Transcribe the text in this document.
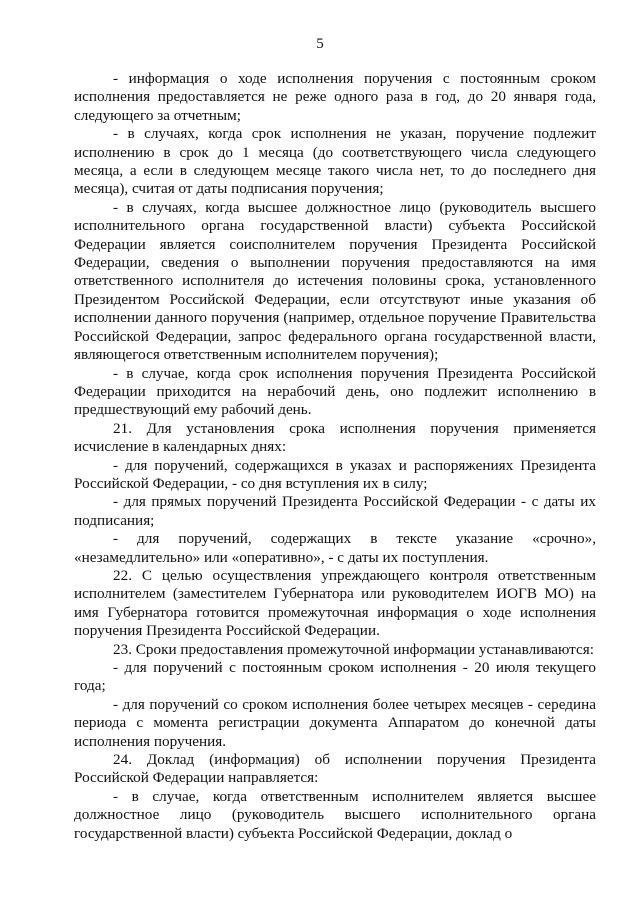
5

- информация о ходе исполнения поручения с постоянным сроком исполнения предоставляется не реже одного раза в год, до 20 января года, следующего за отчетным;

- в случаях, когда срок исполнения не указан, поручение подлежит исполнению в срок до 1 месяца (до соответствующего числа следующего месяца, а если в следующем месяце такого числа нет, то до последнего дня месяца), считая от даты подписания поручения;

- в случаях, когда высшее должностное лицо (руководитель высшего исполнительного органа государственной власти) субъекта Российской Федерации является соисполнителем поручения Президента Российской Федерации, сведения о выполнении поручения предоставляются на имя ответственного исполнителя до истечения половины срока, установленного Президентом Российской Федерации, если отсутствуют иные указания об исполнении данного поручения (например, отдельное поручение Правительства Российской Федерации, запрос федерального органа государственной власти, являющегося ответственным исполнителем поручения);

- в случае, когда срок исполнения поручения Президента Российской Федерации приходится на нерабочий день, оно подлежит исполнению в предшествующий ему рабочий день.

21. Для установления срока исполнения поручения применяется исчисление в календарных днях:

- для поручений, содержащихся в указах и распоряжениях Президента Российской Федерации, - со дня вступления их в силу;

- для прямых поручений Президента Российской Федерации - с даты их подписания;

- для поручений, содержащих в тексте указание «срочно», «незамедлительно» или «оперативно», - с даты их поступления.

22. С целью осуществления упреждающего контроля ответственным исполнителем (заместителем Губернатора или руководителем ИОГВ МО) на имя Губернатора готовится промежуточная информация о ходе исполнения поручения Президента Российской Федерации.

23. Сроки предоставления промежуточной информации устанавливаются:

- для поручений с постоянным сроком исполнения - 20 июля текущего года;

- для поручений со сроком исполнения более четырех месяцев - середина периода с момента регистрации документа Аппаратом до конечной даты исполнения поручения.

24. Доклад (информация) об исполнении поручения Президента Российской Федерации направляется:

- в случае, когда ответственным исполнителем является высшее должностное лицо (руководитель высшего исполнительного органа государственной власти) субъекта Российской Федерации, доклад о
